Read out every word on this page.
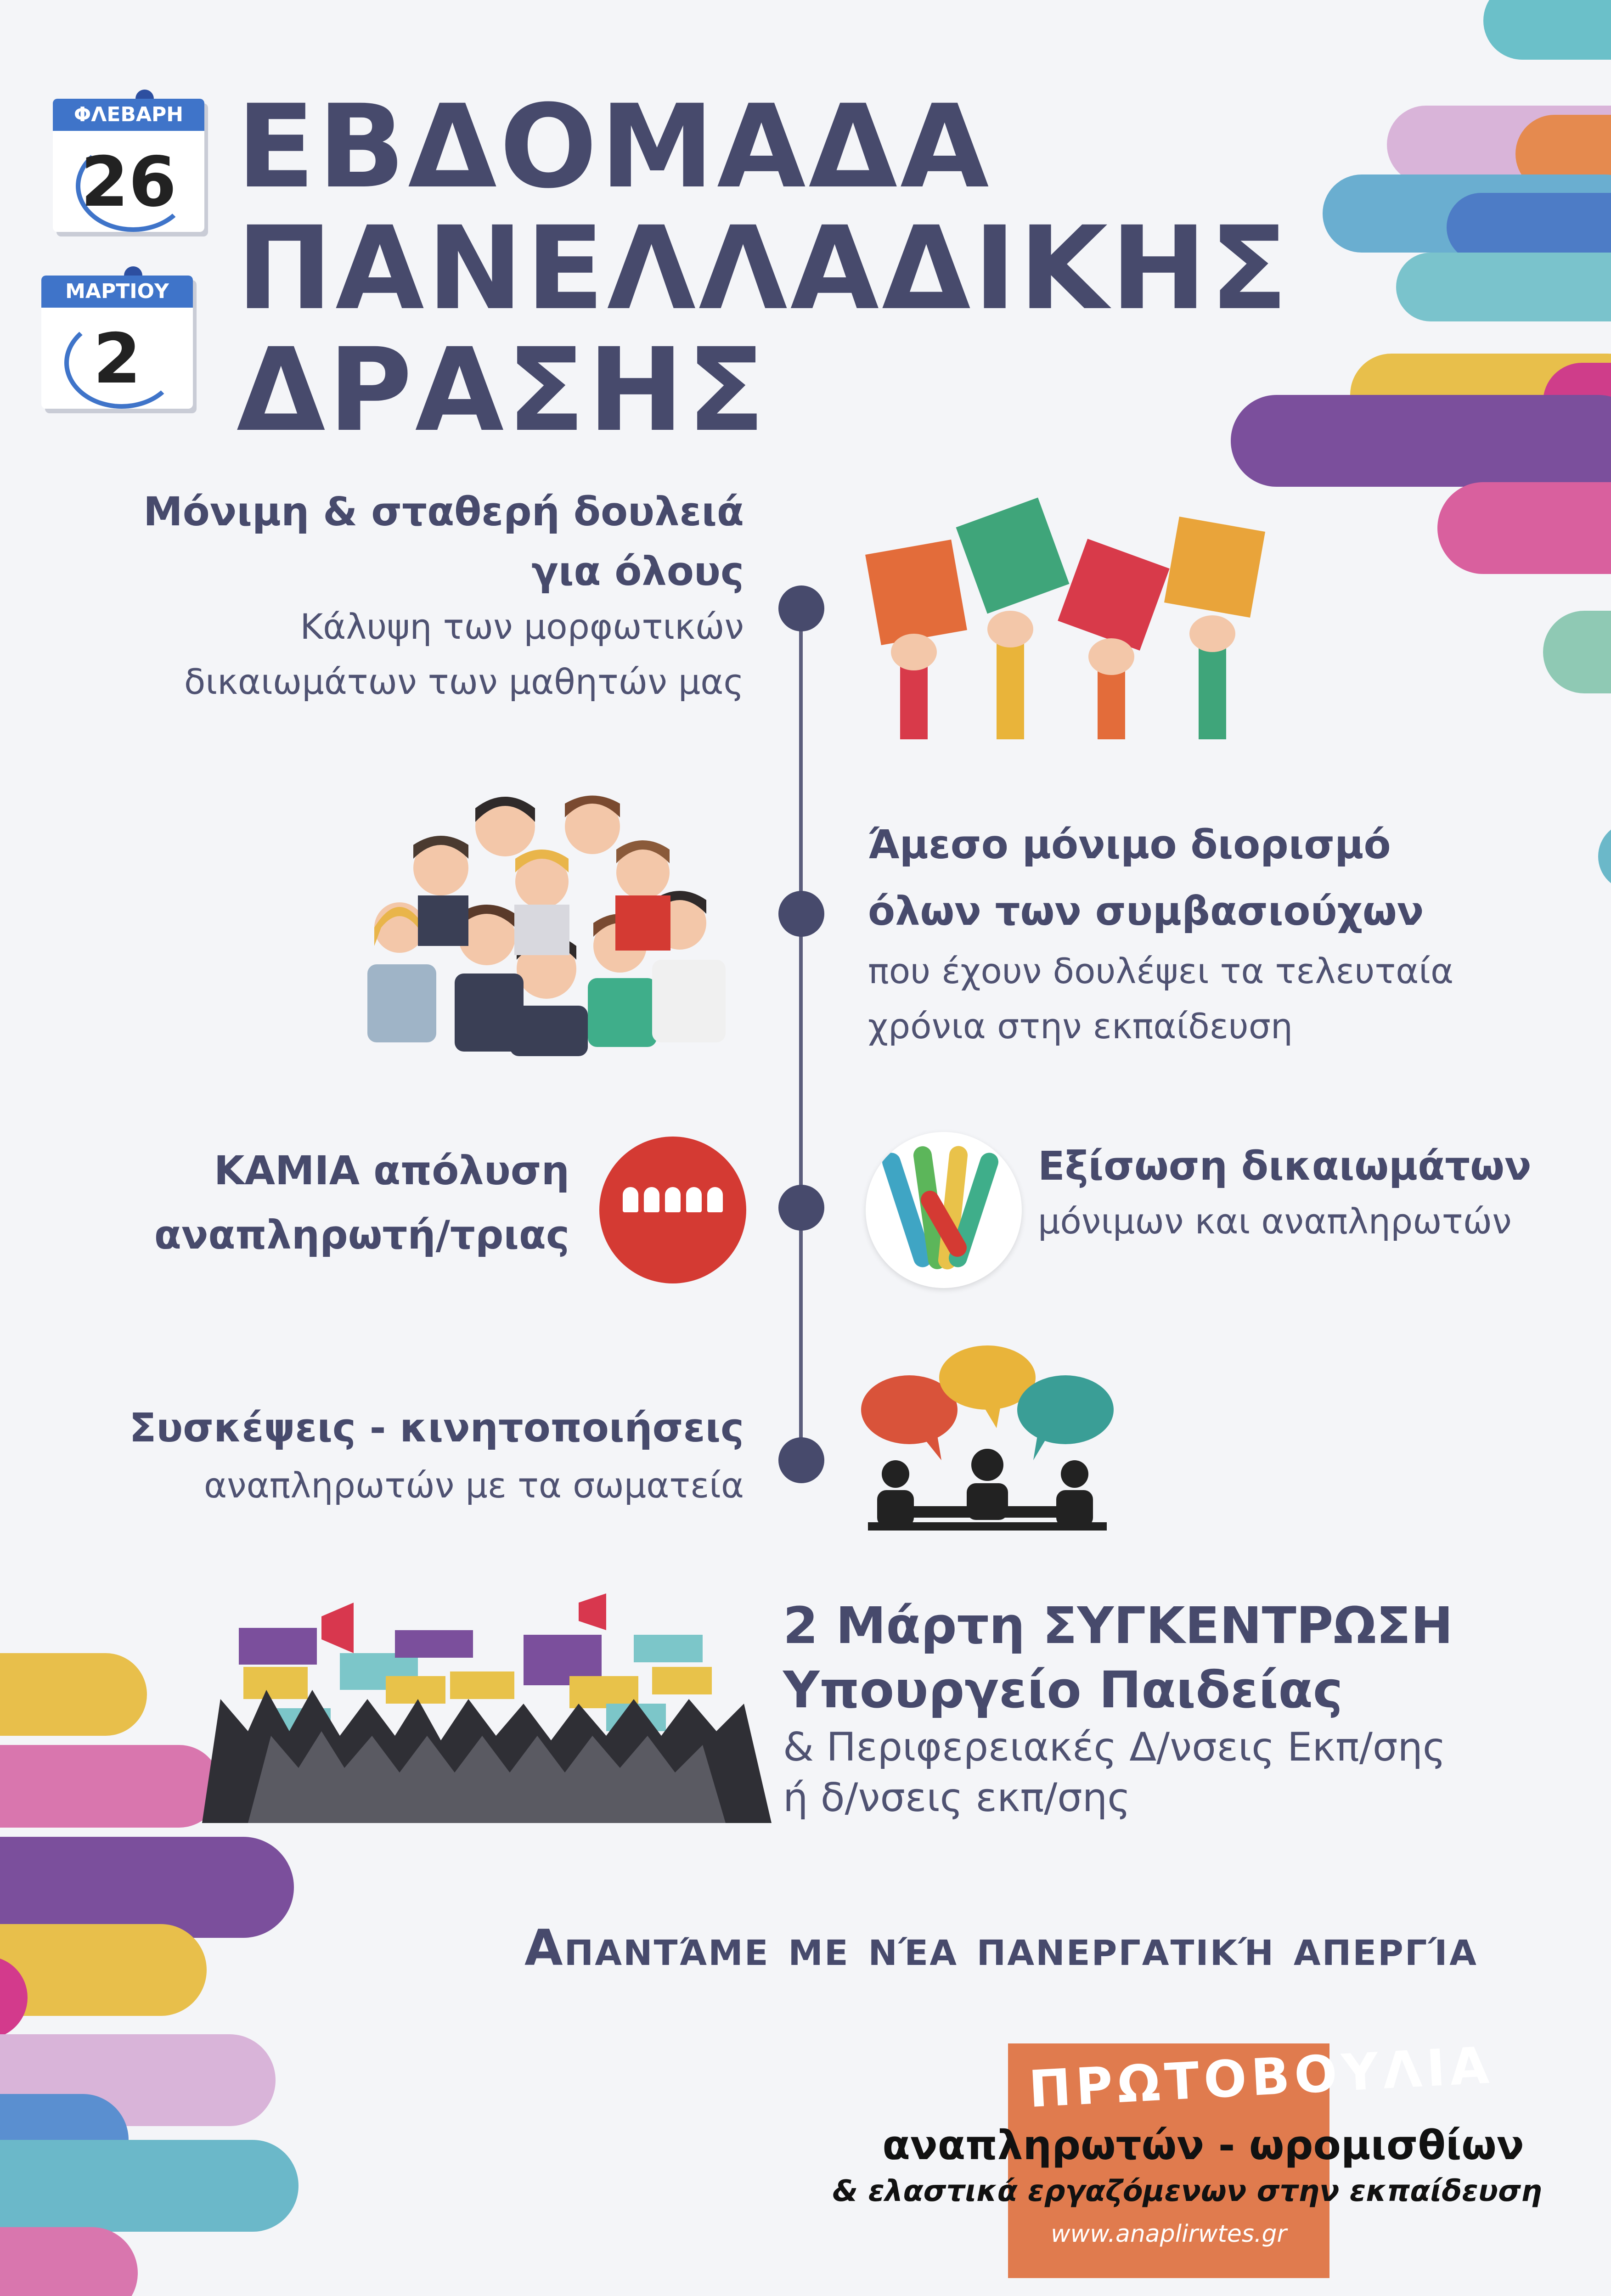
ΦΛΕΒΑΡΗ
26
ΜΑΡΤΙΟΥ
2
ΕΒΔΟΜΑΔΑ
ΠΑΝΕΛΛΑΔΙΚΗΣ
ΔΡΑΣΗΣ
Μόνιμη & σταθερή δουλειά
για όλους
Κάλυψη των μορφωτικών
δικαιωμάτων των μαθητών μας
Άμεσο μόνιμο διορισμό
όλων των συμβασιούχων
που έχουν δουλέψει τα τελευταία
χρόνια στην εκπαίδευση
ΚΑΜΙΑ απόλυση
αναπληρωτή/τριας
Εξίσωση δικαιωμάτων
μόνιμων και αναπληρωτών
Συσκέψεις - κινητοποιήσεις
αναπληρωτών με τα σωματεία
2 Μάρτη ΣΥΓΚΕΝΤΡΩΣΗ
Υπουργείο Παιδείας
& Περιφερειακές Δ/νσεις Εκπ/σης
ή δ/νσεις εκπ/σης
Απαντάμε με νέα πανεργατική απεργία
ΠΡΩΤΟΒΟΥΛΙΑ
αναπληρωτών - ωρομισθίων
& ελαστικά εργαζόμενων στην εκπαίδευση
www.anaplirwtes.gr
